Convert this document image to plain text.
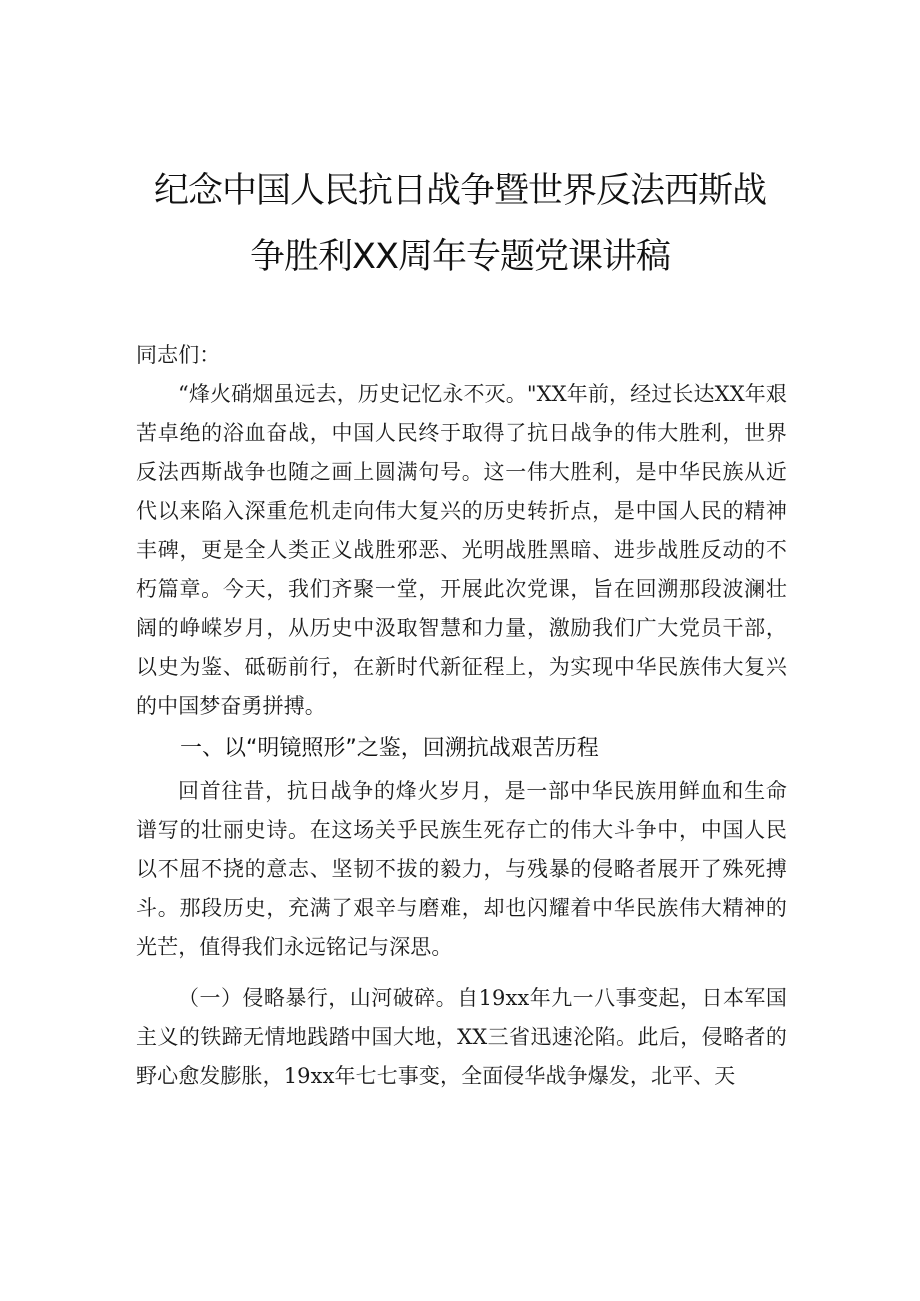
纪念中国人民抗日战争暨世界反法西斯战
争胜利XX周年专题党课讲稿

同志们：

“烽火硝烟虽远去，历史记忆永不灭。"XX年前，经过长达XX年艰苦卓绝的浴血奋战，中国人民终于取得了抗日战争的伟大胜利，世界反法西斯战争也随之画上圆满句号。这一伟大胜利，是中华民族从近代以来陷入深重危机走向伟大复兴的历史转折点，是中国人民的精神丰碑，更是全人类正义战胜邪恶、光明战胜黑暗、进步战胜反动的不朽篇章。今天，我们齐聚一堂，开展此次党课，旨在回溯那段波澜壮阔的峥嵘岁月，从历史中汲取智慧和力量，激励我们广大党员干部，以史为鉴、砥砺前行，在新时代新征程上，为实现中华民族伟大复兴的中国梦奋勇拼搏。

一、以“明镜照形”之鉴，回溯抗战艰苦历程

回首往昔，抗日战争的烽火岁月，是一部中华民族用鲜血和生命谱写的壮丽史诗。在这场关乎民族生死存亡的伟大斗争中，中国人民以不屈不挠的意志、坚韧不拔的毅力，与残暴的侵略者展开了殊死搏斗。那段历史，充满了艰辛与磨难，却也闪耀着中华民族伟大精神的光芒，值得我们永远铭记与深思。

（一）侵略暴行，山河破碎。自19xx年九一八事变起，日本军国主义的铁蹄无情地践踏中国大地，XX三省迅速沦陷。此后，侵略者的野心愈发膨胀，19xx年七七事变，全面侵华战争爆发，北平、天
